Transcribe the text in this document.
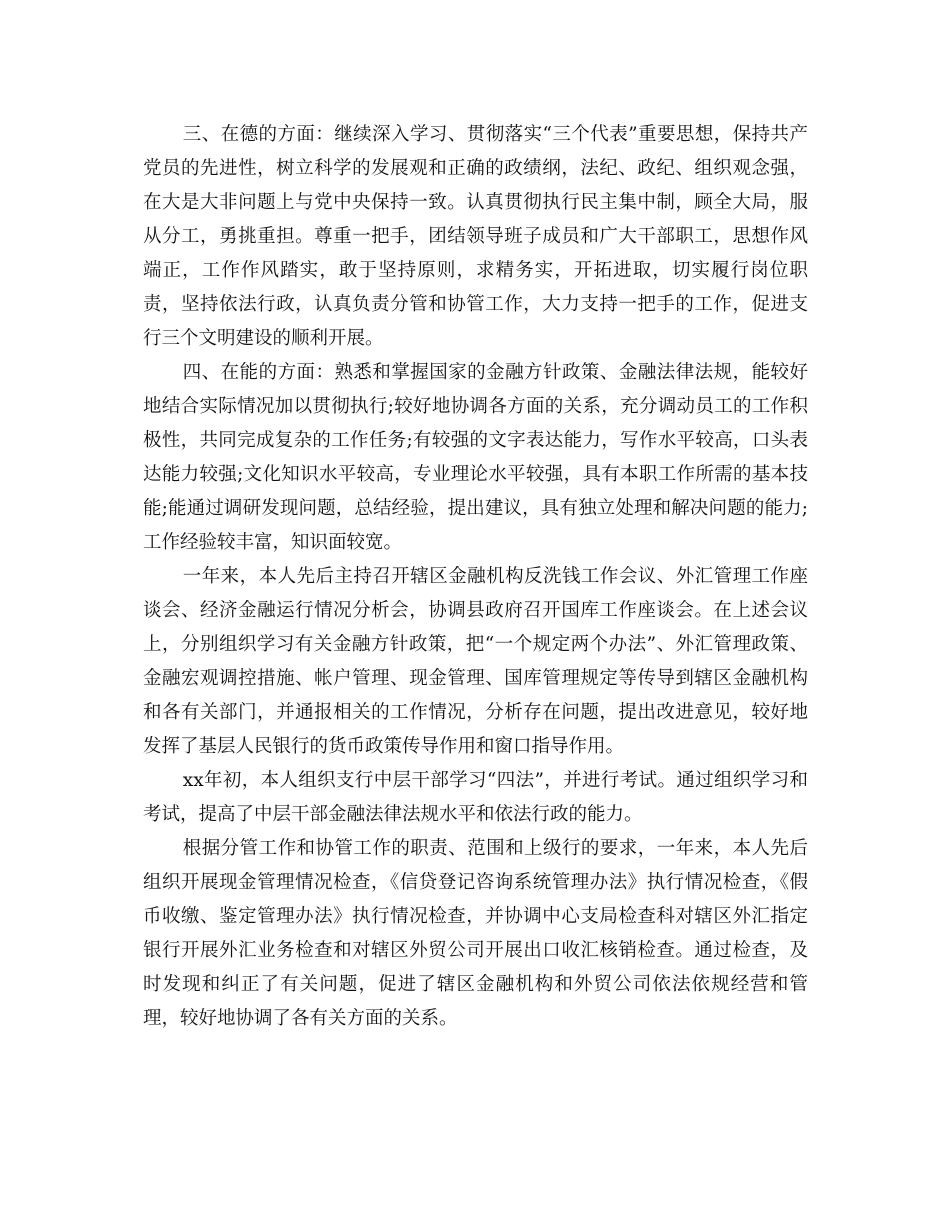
三、在德的方面：继续深入学习、贯彻落实“三个代表”重要思想，保持共产党员的先进性，树立科学的发展观和正确的政绩纲，法纪、政纪、组织观念强，在大是大非问题上与党中央保持一致。认真贯彻执行民主集中制，顾全大局，服从分工，勇挑重担。尊重一把手，团结领导班子成员和广大干部职工，思想作风端正，工作作风踏实，敢于坚持原则，求精务实，开拓进取，切实履行岗位职责，坚持依法行政，认真负责分管和协管工作，大力支持一把手的工作，促进支行三个文明建设的顺利开展。

四、在能的方面：熟悉和掌握国家的金融方针政策、金融法律法规，能较好地结合实际情况加以贯彻执行;较好地协调各方面的关系，充分调动员工的工作积极性，共同完成复杂的工作任务;有较强的文字表达能力，写作水平较高，口头表达能力较强;文化知识水平较高，专业理论水平较强，具有本职工作所需的基本技能;能通过调研发现问题，总结经验，提出建议，具有独立处理和解决问题的能力;工作经验较丰富，知识面较宽。

一年来，本人先后主持召开辖区金融机构反洗钱工作会议、外汇管理工作座谈会、经济金融运行情况分析会，协调县政府召开国库工作座谈会。在上述会议上，分别组织学习有关金融方针政策，把“一个规定两个办法”、外汇管理政策、金融宏观调控措施、帐户管理、现金管理、国库管理规定等传导到辖区金融机构和各有关部门，并通报相关的工作情况，分析存在问题，提出改进意见，较好地发挥了基层人民银行的货币政策传导作用和窗口指导作用。

xx年初，本人组织支行中层干部学习“四法”，并进行考试。通过组织学习和考试，提高了中层干部金融法律法规水平和依法行政的能力。

根据分管工作和协管工作的职责、范围和上级行的要求，一年来，本人先后组织开展现金管理情况检查，《信贷登记咨询系统管理办法》执行情况检查，《假币收缴、鉴定管理办法》执行情况检查，并协调中心支局检查科对辖区外汇指定银行开展外汇业务检查和对辖区外贸公司开展出口收汇核销检查。通过检查，及时发现和纠正了有关问题，促进了辖区金融机构和外贸公司依法依规经营和管理，较好地协调了各有关方面的关系。
